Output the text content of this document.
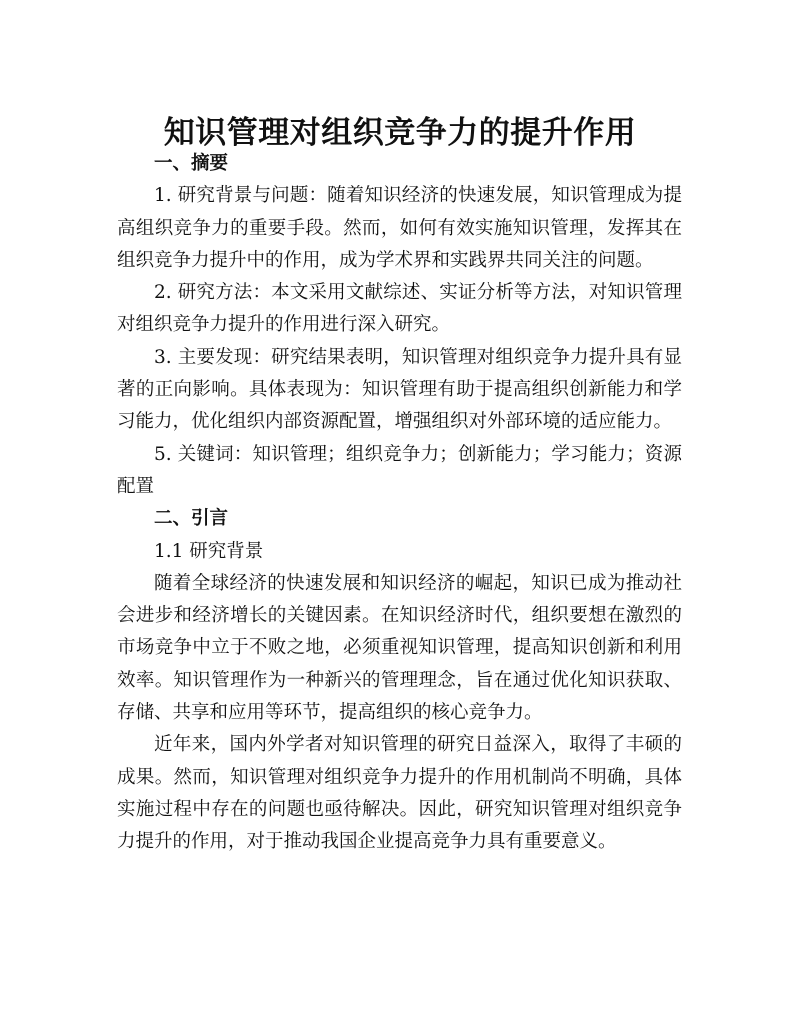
知识管理对组织竞争力的提升作用

一、摘要

1. 研究背景与问题：随着知识经济的快速发展，知识管理成为提高组织竞争力的重要手段。然而，如何有效实施知识管理，发挥其在组织竞争力提升中的作用，成为学术界和实践界共同关注的问题。

2. 研究方法：本文采用文献综述、实证分析等方法，对知识管理对组织竞争力提升的作用进行深入研究。

3. 主要发现：研究结果表明，知识管理对组织竞争力提升具有显著的正向影响。具体表现为：知识管理有助于提高组织创新能力和学习能力，优化组织内部资源配置，增强组织对外部环境的适应能力。

5. 关键词：知识管理；组织竞争力；创新能力；学习能力；资源配置

二、引言

1.1 研究背景

随着全球经济的快速发展和知识经济的崛起，知识已成为推动社会进步和经济增长的关键因素。在知识经济时代，组织要想在激烈的市场竞争中立于不败之地，必须重视知识管理，提高知识创新和利用效率。知识管理作为一种新兴的管理理念，旨在通过优化知识获取、存储、共享和应用等环节，提高组织的核心竞争力。

近年来，国内外学者对知识管理的研究日益深入，取得了丰硕的成果。然而，知识管理对组织竞争力提升的作用机制尚不明确，具体实施过程中存在的问题也亟待解决。因此，研究知识管理对组织竞争力提升的作用，对于推动我国企业提高竞争力具有重要意义。
